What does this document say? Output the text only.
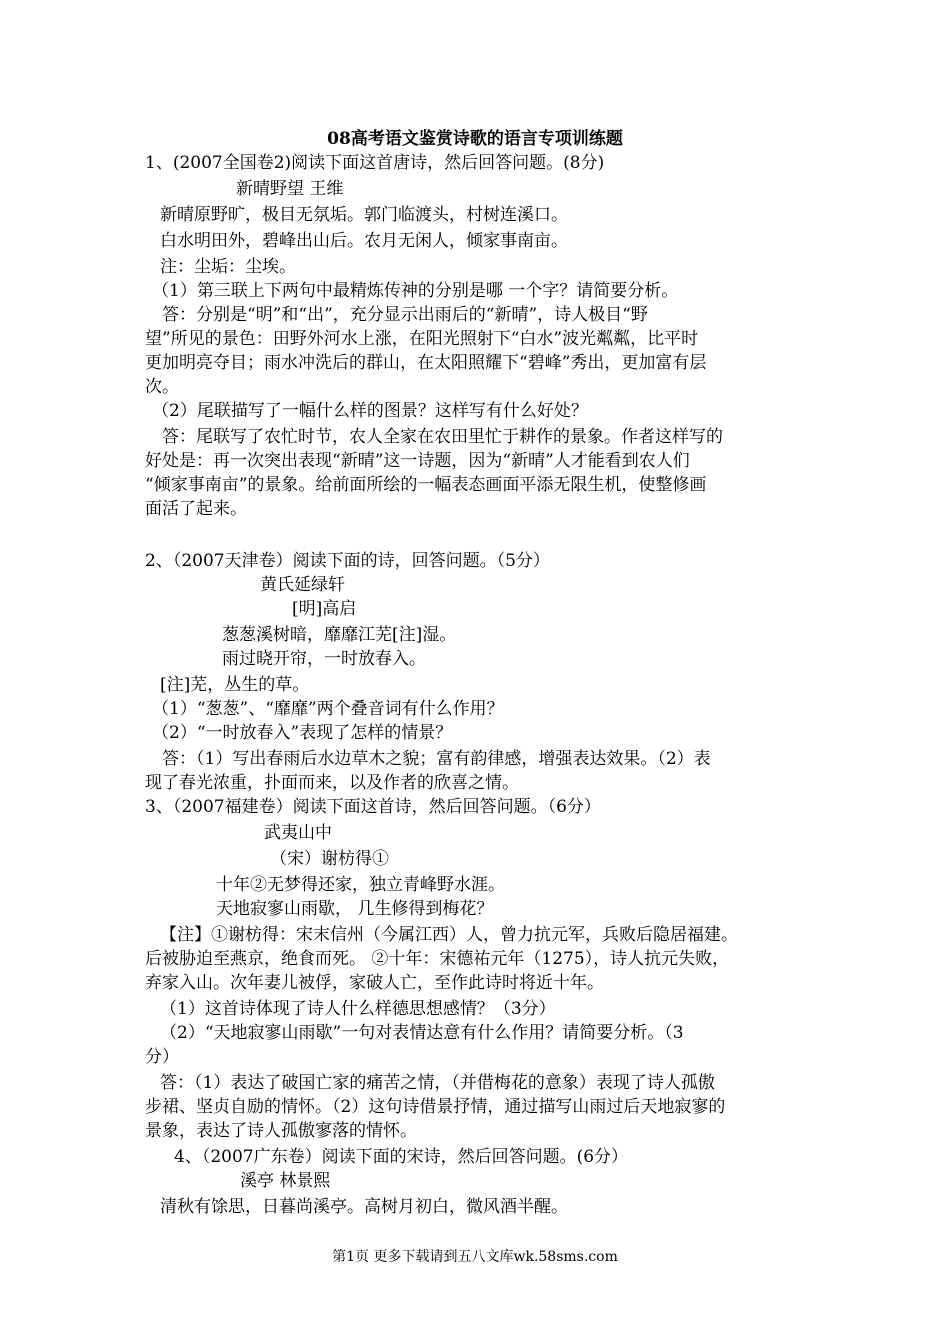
08高考语文鉴赏诗歌的语言专项训练题
1、(2007全国卷2)阅读下面这首唐诗，然后回答问题。(8分)
新晴野望 王维
新晴原野旷，极目无氛垢。郭门临渡头，村树连溪口。
白水明田外，碧峰出山后。农月无闲人，倾家事南亩。
注：尘垢：尘埃。
（1）第三联上下两句中最精炼传神的分别是哪 一个字？请简要分析。
答：分别是“明”和“出”，充分显示出雨后的“新晴”，诗人极目“野
望”所见的景色：田野外河水上涨，在阳光照射下“白水”波光粼粼，比平时
更加明亮夺目；雨水冲洗后的群山，在太阳照耀下“碧峰”秀出，更加富有层
次。
（2）尾联描写了一幅什么样的图景？这样写有什么好处？
答：尾联写了农忙时节，农人全家在农田里忙于耕作的景象。作者这样写的
好处是：再一次突出表现“新晴”这一诗题，因为“新晴”人才能看到农人们
“倾家事南亩”的景象。给前面所绘的一幅表态画面平添无限生机，使整修画
面活了起来。
2、（2007天津卷）阅读下面的诗，回答问题。（5分）
黄氏延绿轩
[明]高启
葱葱溪树暗，靡靡江芜[注]湿。
雨过晓开帘，一时放春入。
[注]芜，丛生的草。
（1）“葱葱”、“靡靡”两个叠音词有什么作用？
（2）“一时放春入”表现了怎样的情景？
答：（1）写出春雨后水边草木之貌；富有韵律感，增强表达效果。（2）表
现了春光浓重，扑面而来，以及作者的欣喜之情。
3、（2007福建卷）阅读下面这首诗，然后回答问题。（6分）
武夷山中
（宋）谢枋得①
十年②无梦得还家，独立青峰野水涯。
天地寂寥山雨歇， 几生修得到梅花？
【注】①谢枋得：宋末信州（今属江西）人，曾力抗元军，兵败后隐居福建。
后被胁迫至燕京，绝食而死。 ②十年：宋德祐元年（1275），诗人抗元失败，
弃家入山。次年妻儿被俘，家破人亡，至作此诗时将近十年。
（1）这首诗体现了诗人什么样德思想感情？（3分）
（2）“天地寂寥山雨歇”一句对表情达意有什么作用？请简要分析。（3
分）
答：（1）表达了破国亡家的痛苦之情，（并借梅花的意象）表现了诗人孤傲
步裙、坚贞自励的情怀。（2）这句诗借景抒情，通过描写山雨过后天地寂寥的
景象，表达了诗人孤傲寥落的情怀。
4、（2007广东卷）阅读下面的宋诗，然后回答问题。(6分）
溪亭 林景熙
清秋有馀思，日暮尚溪亭。高树月初白，微风酒半醒。
第1页 更多下载请到五八文库wk.58sms.com
